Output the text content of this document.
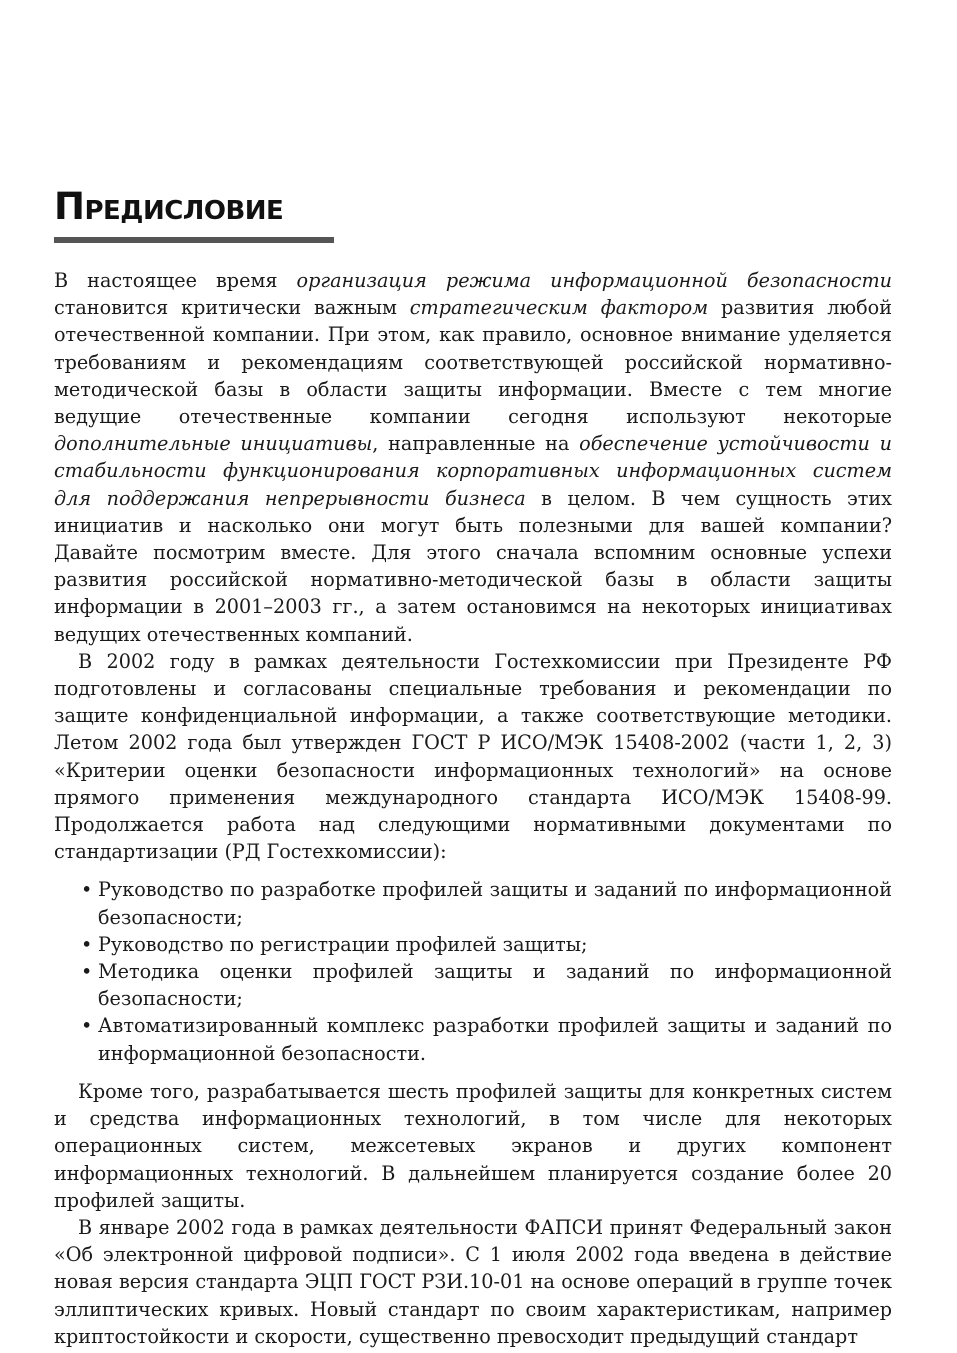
Предисловие

В настоящее время организация режима информационной безопасности становится критически важным стратегическим фактором развития любой отечественной компании. При этом, как правило, основное внимание уделяется требованиям и рекомендациям соответствующей российской нормативно-методической базы в области защиты информации. Вместе с тем многие ведущие отечественные компании сегодня используют некоторые дополнительные инициативы, направленные на обеспечение устойчивости и стабильности функционирования корпоративных информационных систем для поддержания непрерывности бизнеса в целом. В чем сущность этих инициатив и насколько они могут быть полезными для вашей компании? Давайте посмотрим вместе. Для этого сначала вспомним основные успехи развития российской нормативно-методической базы в области защиты информации в 2001–2003 гг., а затем остановимся на некоторых инициативах ведущих отечественных компаний.

В 2002 году в рамках деятельности Гостехкомиссии при Президенте РФ подготовлены и согласованы специальные требования и рекомендации по защите конфиденциальной информации, а также соответствующие методики. Летом 2002 года был утвержден ГОСТ Р ИСО/МЭК 15408-2002 (части 1, 2, 3) «Критерии оценки безопасности информационных технологий» на основе прямого применения международного стандарта ИСО/МЭК 15408-99. Продолжается работа над следующими нормативными документами по стандартизации (РД Гостехкомиссии):

• Руководство по разработке профилей защиты и заданий по информационной безопасности;
• Руководство по регистрации профилей защиты;
• Методика оценки профилей защиты и заданий по информационной безопасности;
• Автоматизированный комплекс разработки профилей защиты и заданий по информационной безопасности.

Кроме того, разрабатывается шесть профилей защиты для конкретных систем и средства информационных технологий, в том числе для некоторых операционных систем, межсетевых экранов и других компонент информационных технологий. В дальнейшем планируется создание более 20 профилей защиты.

В январе 2002 года в рамках деятельности ФАПСИ принят Федеральный закон «Об электронной цифровой подписи». С 1 июля 2002 года введена в действие новая версия стандарта ЭЦП ГОСТ РЗИ.10-01 на основе операций в группе точек эллиптических кривых. Новый стандарт по своим характеристикам, например криптостойкости и скорости, существенно превосходит предыдущий стандарт
